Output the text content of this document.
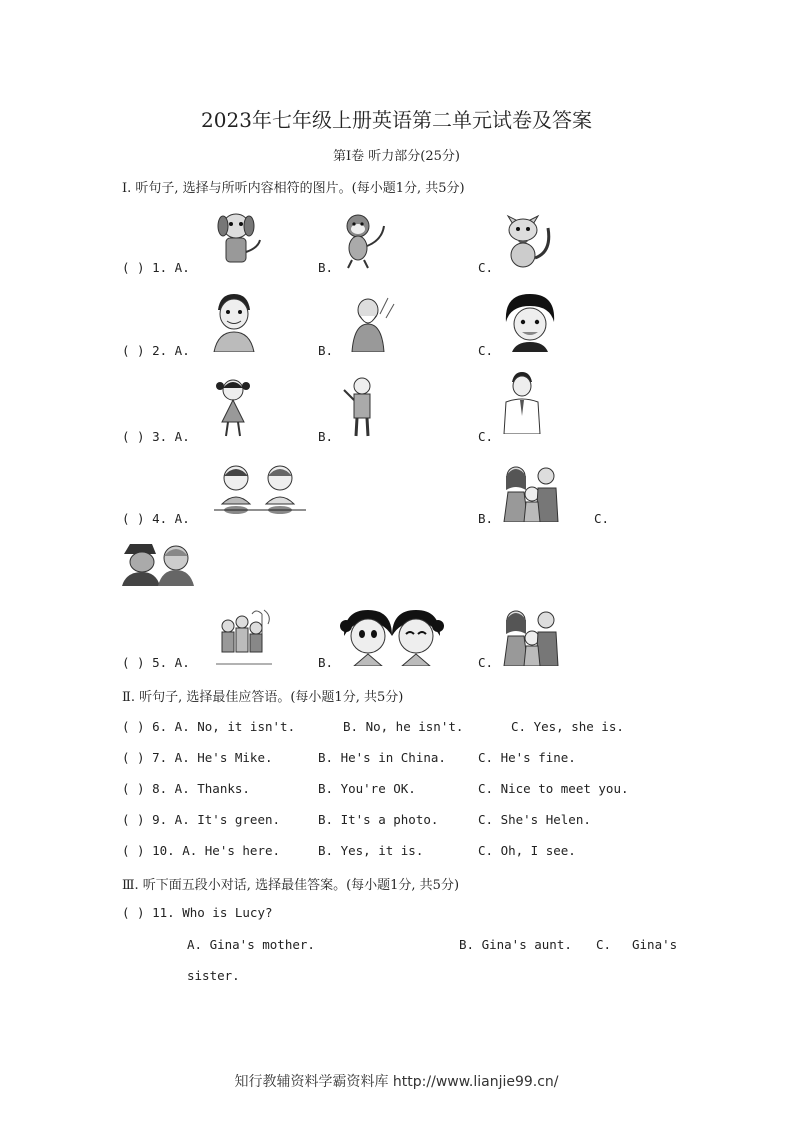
2023年七年级上册英语第二单元试卷及答案
第Ⅰ卷 听力部分(25分)
Ⅰ. 听句子, 选择与所听内容相符的图片。(每小题1分, 共5分)
( ) 1. A.	B.	C.
( ) 2. A.	B.	C.
( ) 3. A.	B.	C.
( ) 4. A.	B.	C.
( ) 5. A.	B.	C.
Ⅱ. 听句子, 选择最佳应答语。(每小题1分, 共5分)
( ) 6. A. No, it isn't.	B. No, he isn't.	C. Yes, she is.
( ) 7. A. He's Mike.	B. He's in China.	C. He's fine.
( ) 8. A. Thanks.	B. You're OK.	C. Nice to meet you.
( ) 9. A. It's green.	B. It's a photo.	C. She's Helen.
( ) 10. A. He's here.	B. Yes, it is.	C. Oh, I see.
Ⅲ. 听下面五段小对话, 选择最佳答案。(每小题1分, 共5分)
( ) 11. Who is Lucy?
A. Gina's mother.	B. Gina's aunt. C. Gina's
sister.
知行教辅资料学霸资料库 http://www.lianjie99.cn/
